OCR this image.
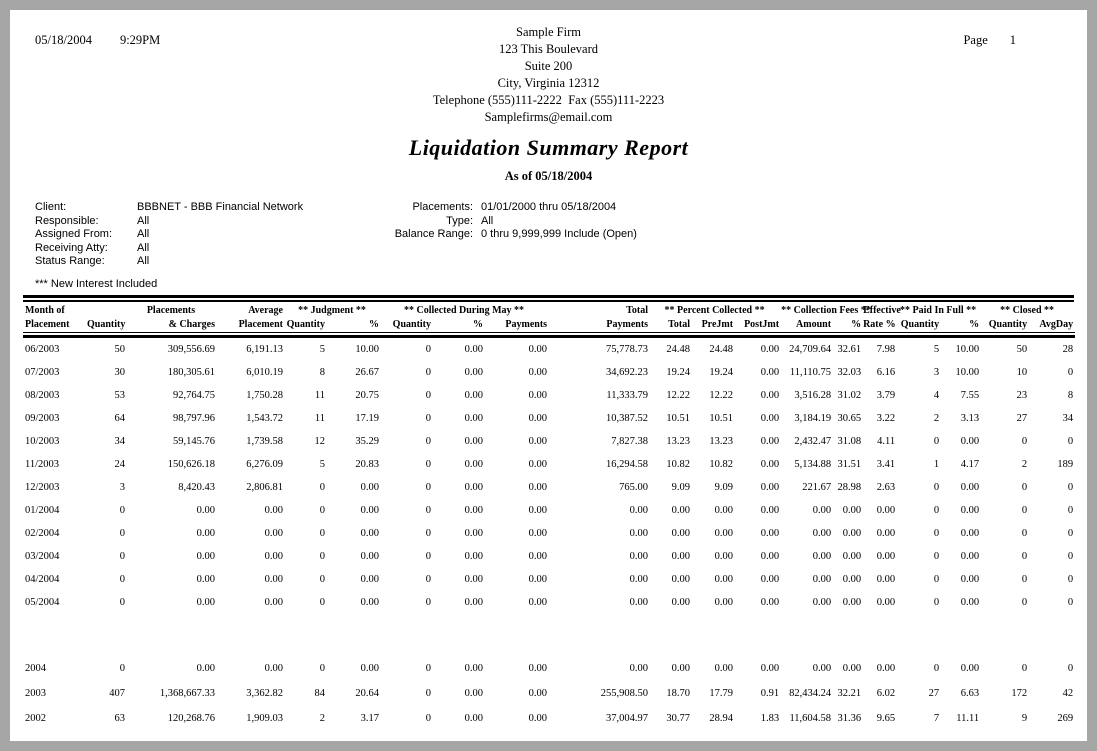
05/18/2004 9:29PM
Sample Firm
123 This Boulevard
Suite 200
City, Virginia 12312
Telephone (555)111-2222 Fax (555)111-2223
Samplefirms@email.com
Page 1
Liquidation Summary Report
As of 05/18/2004
Client:	BBBNET - BBB Financial Network
Responsible:	All
Assigned From:	All
Receiving Atty:	All
Status Range:	All
Placements: 01/01/2000 thru 05/18/2004
Type: All
Balance Range: 0 thru 9,999,999 Include (Open)
*** New Interest Included
Month of		Placements	Average	** Judgment **		** Collected During May **			Total	** Percent Collected **			** Collection Fees **		Effective	** Paid In Full **		** Closed **	
Placement	Quantity	& Charges	Placement	Quantity	%	Quantity	%	Payments	Payments	Total	PreJmt	PostJmt	Amount	%	Rate %	Quantity	%	Quantity	AvgDay

06/2003	50	309,556.69	6,191.13	5	10.00	0	0.00	0.00	75,778.73	24.48	24.48	0.00	24,709.64	32.61	7.98	5	10.00	50	28
07/2003	30	180,305.61	6,010.19	8	26.67	0	0.00	0.00	34,692.23	19.24	19.24	0.00	11,110.75	32.03	6.16	3	10.00	10	0
08/2003	53	92,764.75	1,750.28	11	20.75	0	0.00	0.00	11,333.79	12.22	12.22	0.00	3,516.28	31.02	3.79	4	7.55	23	8
09/2003	64	98,797.96	1,543.72	11	17.19	0	0.00	0.00	10,387.52	10.51	10.51	0.00	3,184.19	30.65	3.22	2	3.13	27	34
10/2003	34	59,145.76	1,739.58	12	35.29	0	0.00	0.00	7,827.38	13.23	13.23	0.00	2,432.47	31.08	4.11	0	0.00	0	0
11/2003	24	150,626.18	6,276.09	5	20.83	0	0.00	0.00	16,294.58	10.82	10.82	0.00	5,134.88	31.51	3.41	1	4.17	2	189
12/2003	3	8,420.43	2,806.81	0	0.00	0	0.00	0.00	765.00	9.09	9.09	0.00	221.67	28.98	2.63	0	0.00	0	0
01/2004	0	0.00	0.00	0	0.00	0	0.00	0.00	0.00	0.00	0.00	0.00	0.00	0.00	0.00	0	0.00	0	0
02/2004	0	0.00	0.00	0	0.00	0	0.00	0.00	0.00	0.00	0.00	0.00	0.00	0.00	0.00	0	0.00	0	0
03/2004	0	0.00	0.00	0	0.00	0	0.00	0.00	0.00	0.00	0.00	0.00	0.00	0.00	0.00	0	0.00	0	0
04/2004	0	0.00	0.00	0	0.00	0	0.00	0.00	0.00	0.00	0.00	0.00	0.00	0.00	0.00	0	0.00	0	0
05/2004	0	0.00	0.00	0	0.00	0	0.00	0.00	0.00	0.00	0.00	0.00	0.00	0.00	0.00	0	0.00	0	0

2004	0	0.00	0.00	0	0.00	0	0.00	0.00	0.00	0.00	0.00	0.00	0.00	0.00	0.00	0	0.00	0	0
2003	407	1,368,667.33	3,362.82	84	20.64	0	0.00	0.00	255,908.50	18.70	17.79	0.91	82,434.24	32.21	6.02	27	6.63	172	42
2002	63	120,268.76	1,909.03	2	3.17	0	0.00	0.00	37,004.97	30.77	28.94	1.83	11,604.58	31.36	9.65	7	11.11	9	269
